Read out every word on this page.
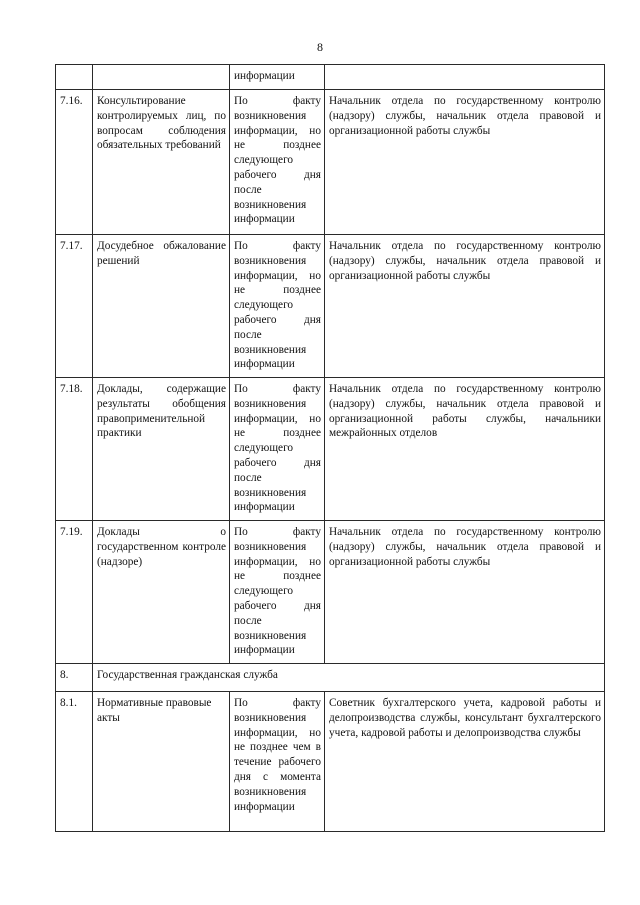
8
		информации	
7.16.	Консультирование контролируемых лиц, по вопросам соблюдения обязательных требований	По факту возникновения информации, но не позднее следующего рабочего дня после возникновения информации	Начальник отдела по государственному контролю (надзору) службы, начальник отдела правовой и организационной работы службы
7.17.	Досудебное обжалование решений	По факту возникновения информации, но не позднее следующего рабочего дня после возникновения информации	Начальник отдела по государственному контролю (надзору) службы, начальник отдела правовой и организационной работы службы
7.18.	Доклады, содержащие результаты обобщения правоприменительной практики	По факту возникновения информации, но не позднее следующего рабочего дня после возникновения информации	Начальник отдела по государственному контролю (надзору) службы, начальник отдела правовой и организационной работы службы, начальники межрайонных отделов
7.19.	Доклады о государственном контроле (надзоре)	По факту возникновения информации, но не позднее следующего рабочего дня после возникновения информации	Начальник отдела по государственному контролю (надзору) службы, начальник отдела правовой и организационной работы службы
8.	Государственная гражданская служба		
8.1.	Нормативные правовые акты	По факту возникновения информации, но не позднее чем в течение рабочего дня с момента возникновения информации	Советник бухгалтерского учета, кадровой работы и делопроизводства службы, консультант бухгалтерского учета, кадровой работы и делопроизводства службы
